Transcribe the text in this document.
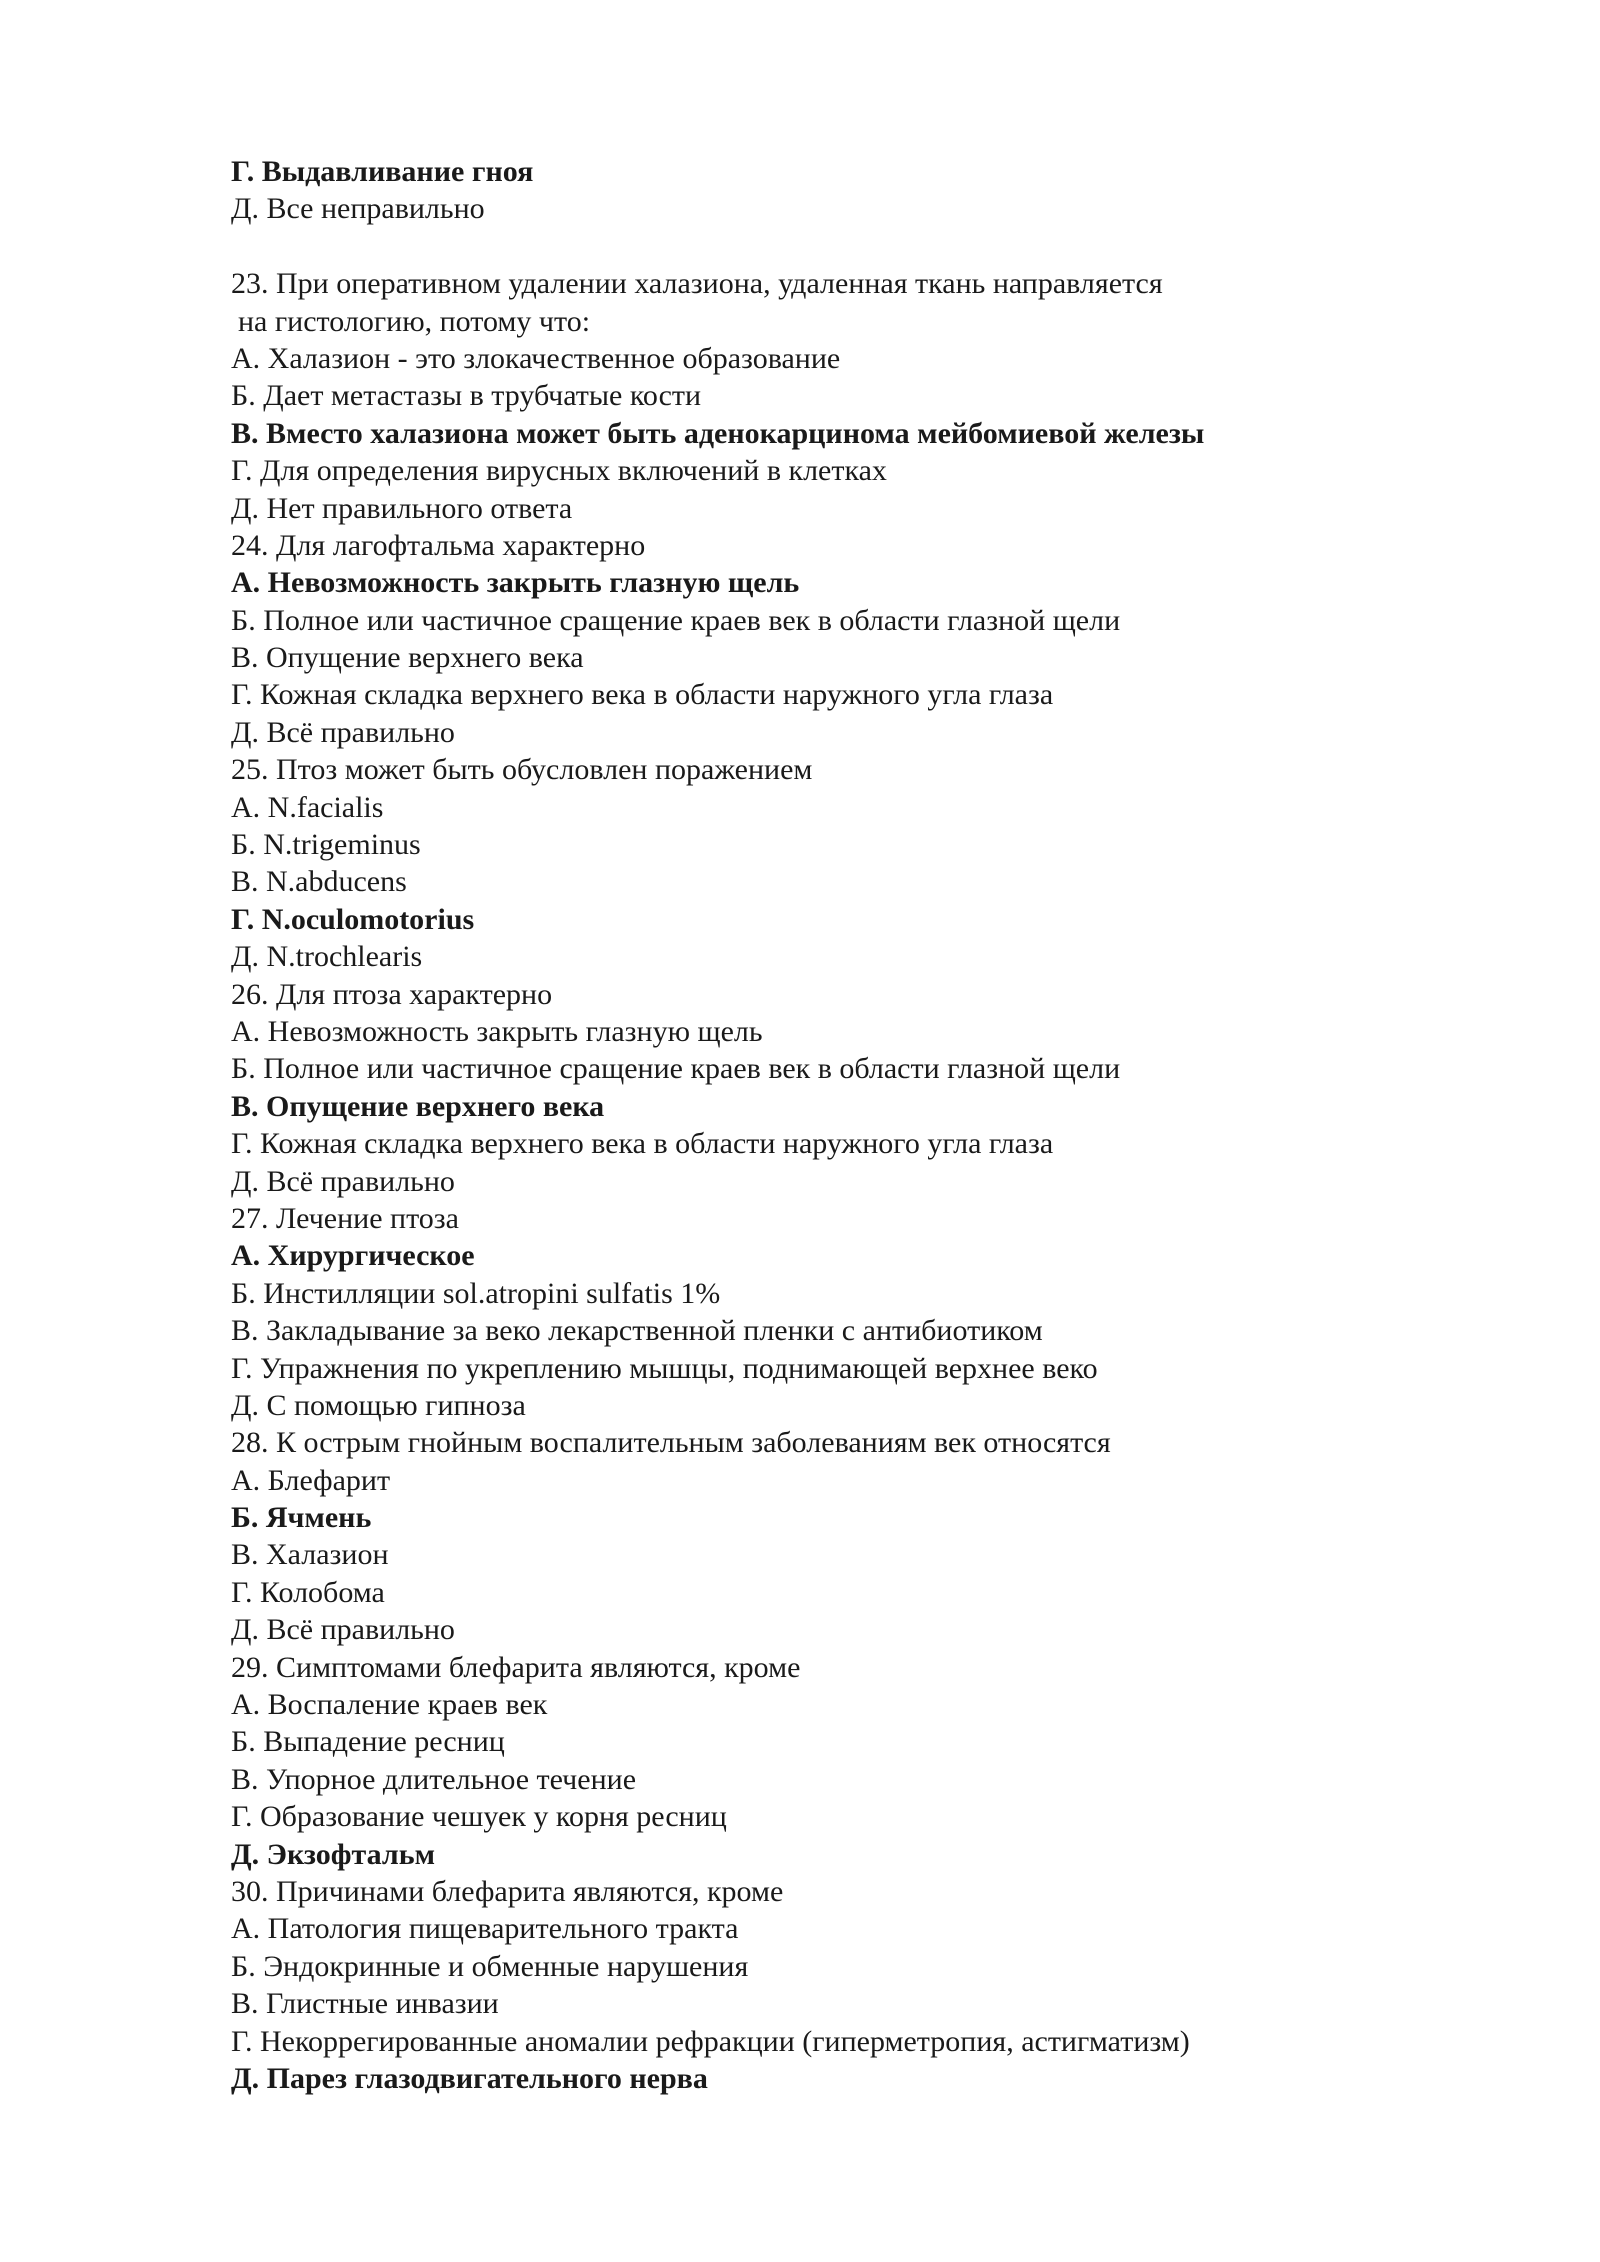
Г. Выдавливание гноя
Д. Все неправильно
23. При оперативном удалении халазиона, удаленная ткань направляется
на гистологию, потому что:
А. Халазион - это злокачественное образование
Б. Дает метастазы в трубчатые кости
В. Вместо халазиона может быть аденокарцинома мейбомиевой железы
Г. Для определения вирусных включений в клетках
Д. Нет правильного ответа
24. Для лагофтальма характерно
А. Невозможность закрыть глазную щель
Б. Полное или частичное сращение краев век в области глазной щели
В. Опущение верхнего века
Г. Кожная складка верхнего века в области наружного угла глаза
Д. Всё правильно
25. Птоз может быть обусловлен поражением
А. N.facialis
Б. N.trigeminus
В. N.abducens
Г. N.oculomotorius
Д. N.trochlearis
26. Для птоза характерно
А. Невозможность закрыть глазную щель
Б. Полное или частичное сращение краев век в области глазной щели
В. Опущение верхнего века
Г. Кожная складка верхнего века в области наружного угла глаза
Д. Всё правильно
27. Лечение птоза
А. Хирургическое
Б. Инстилляции sol.atropini sulfatis 1%
В. Закладывание за веко лекарственной пленки с антибиотиком
Г. Упражнения по укреплению мышцы, поднимающей верхнее веко
Д. С помощью гипноза
28. К острым гнойным воспалительным заболеваниям век относятся
А. Блефарит
Б. Ячмень
В. Халазион
Г. Колобома
Д. Всё правильно
29. Симптомами блефарита являются, кроме
А. Воспаление краев век
Б. Выпадение ресниц
В. Упорное длительное течение
Г. Образование чешуек у корня ресниц
Д. Экзофтальм
30. Причинами блефарита являются, кроме
А. Патология пищеварительного тракта
Б. Эндокринные и обменные нарушения
В. Глистные инвазии
Г. Некоррегированные аномалии рефракции (гиперметропия, астигматизм)
Д. Парез глазодвигательного нерва
